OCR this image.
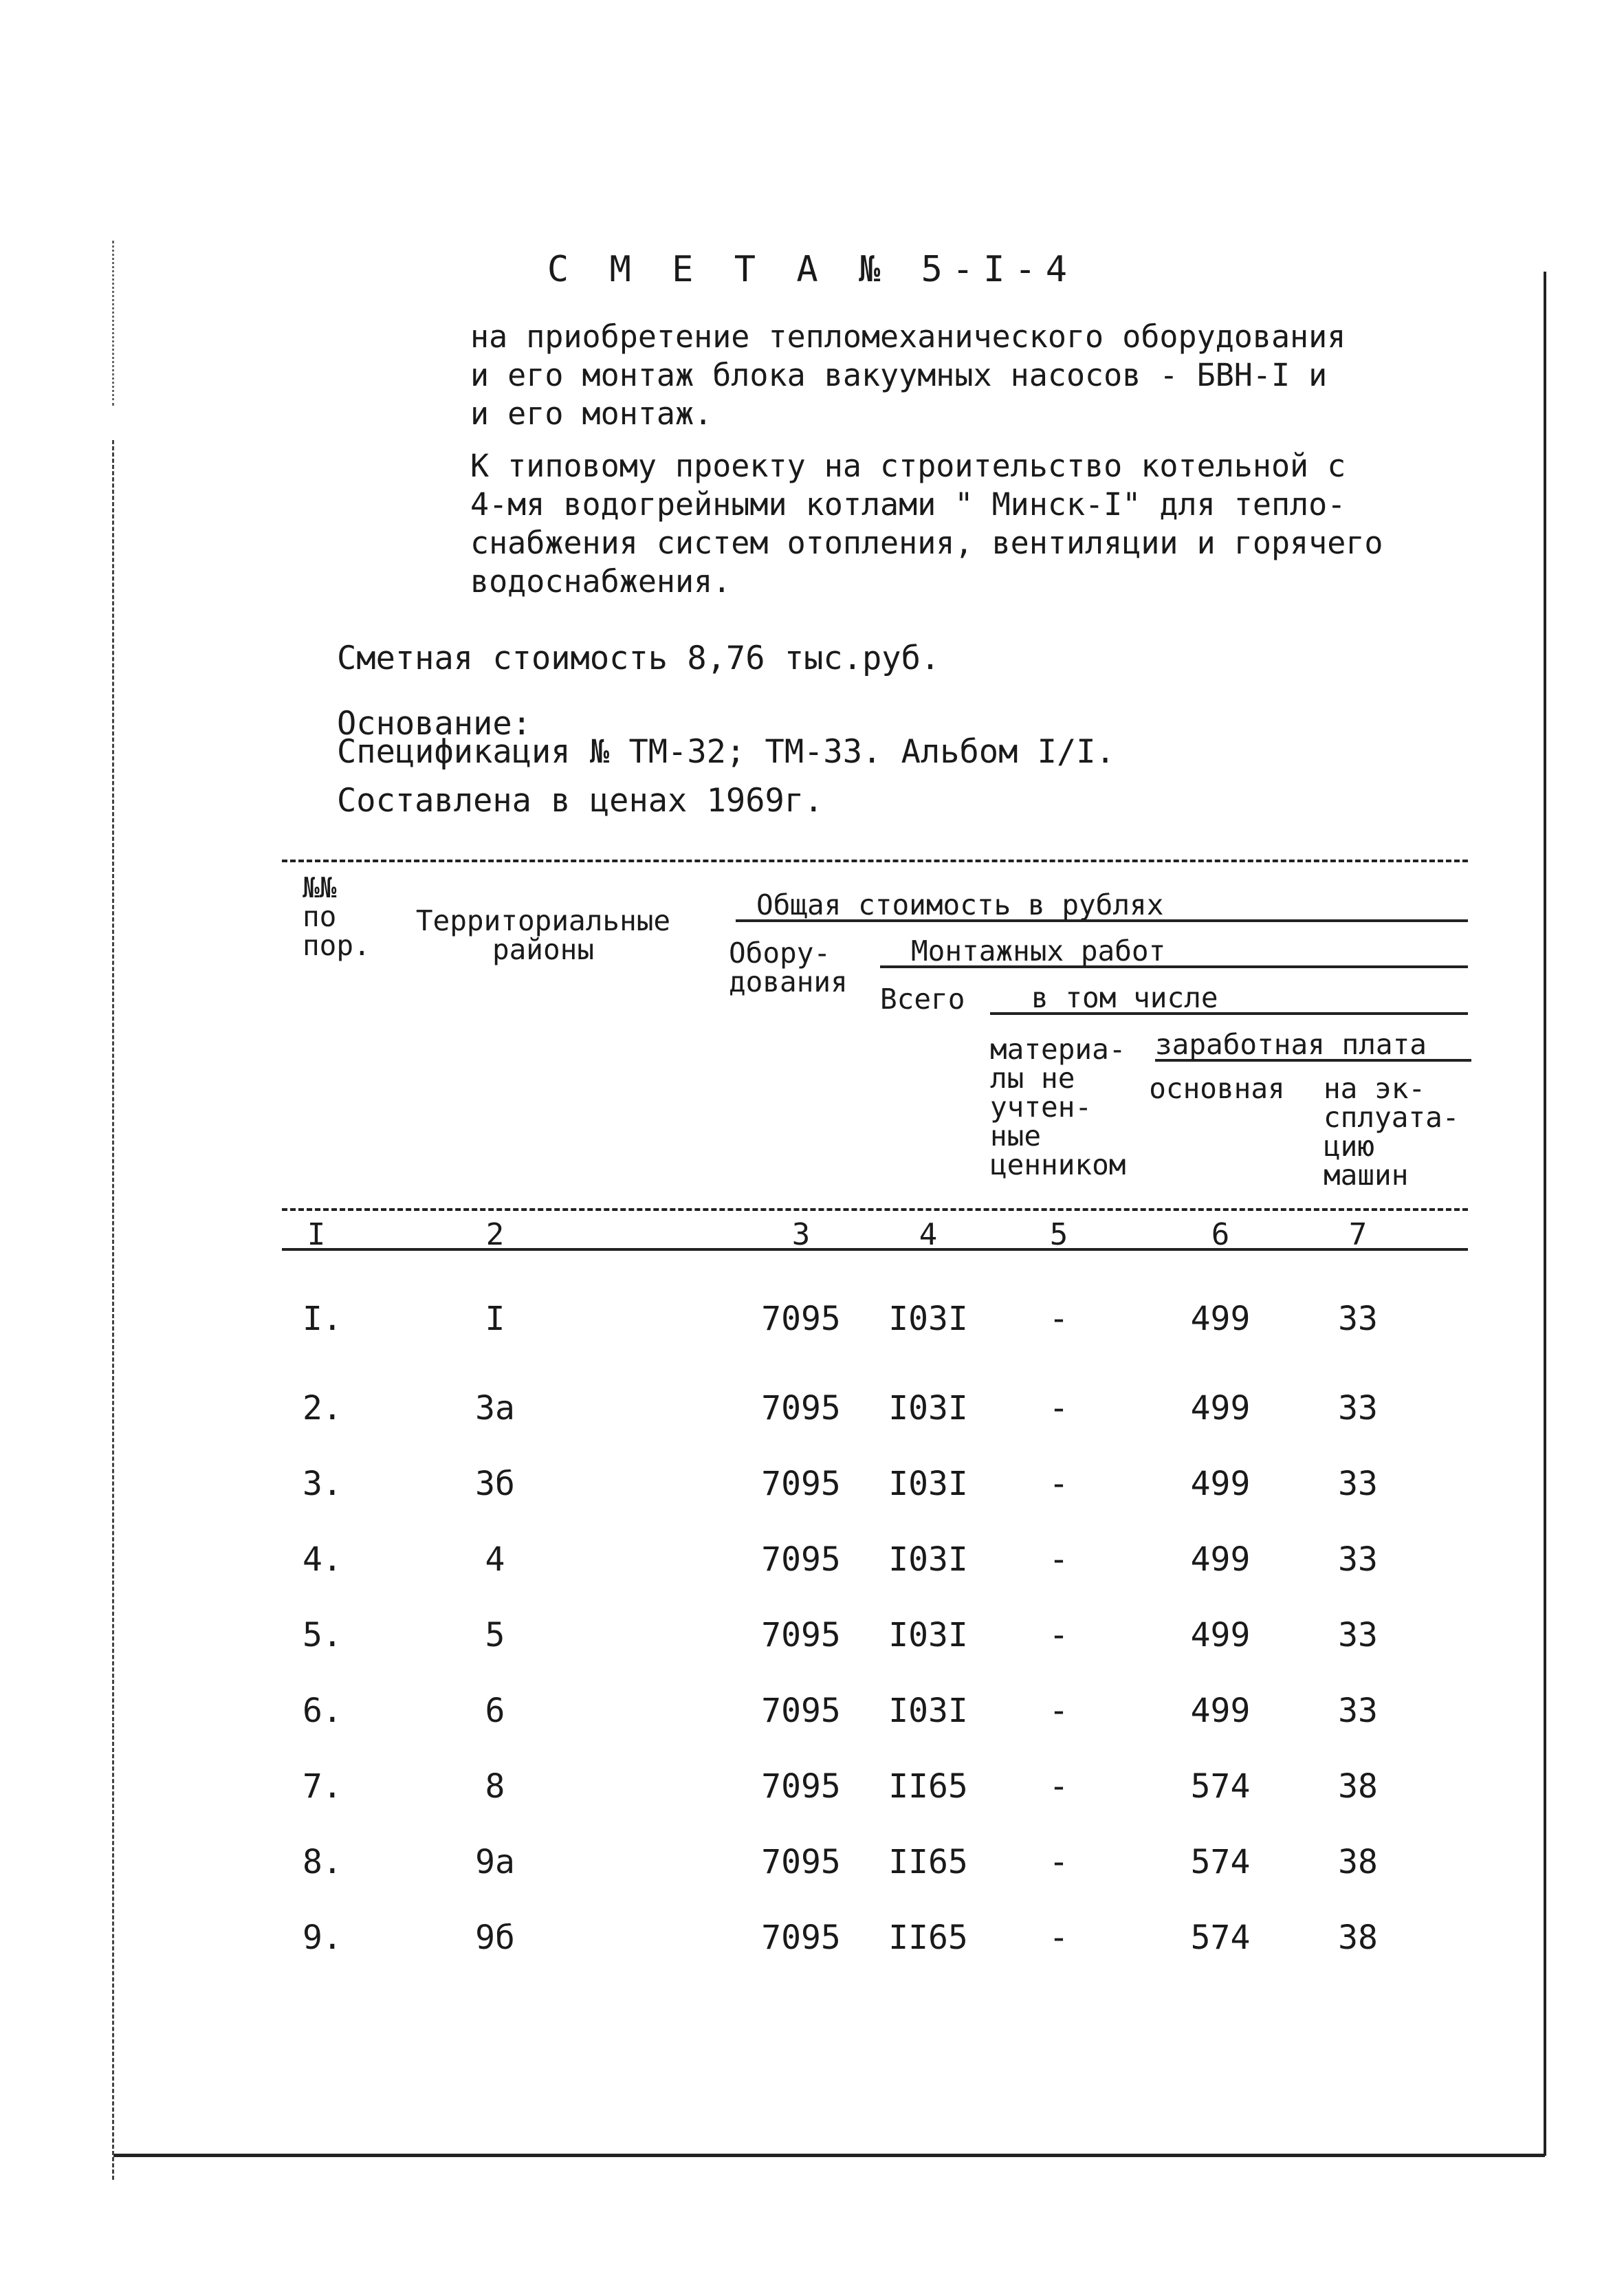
С М Е Т А № 5-I-4
на приобретение тепломеханического оборудования
и его монтаж блока вакуумных насосов - БВН-I и
и его монтаж.
К типовому проекту на строительство котельной с
4-мя водогрейными котлами " Минск-I" для тепло-
снабжения систем отопления, вентиляции и горячего
водоснабжения.
Сметная стоимость 8,76 тыс.руб.
Основание:
Спецификация № ТМ-32; ТМ-33. Альбом I/I.
Составлена в ценах 1969г.
№№
по
пор.
Территориальные
районы
Общая стоимость в рублях
Обору-
дования
Монтажных работ
Всего	в том числе
материа-
лы не
учтен-
ные
ценником
заработная плата
основная	на эк-
сплуата-
цию
машин
I	2	3	4	5	6	7
I.	I	7095	I03I	-	499	33
2.	3а	7095	I03I	-	499	33
3.	3б	7095	I03I	-	499	33
4.	4	7095	I03I	-	499	33
5.	5	7095	I03I	-	499	33
6.	6	7095	I03I	-	499	33
7.	8	7095	II65	-	574	38
8.	9а	7095	II65	-	574	38
9.	9б	7095	II65	-	574	38
